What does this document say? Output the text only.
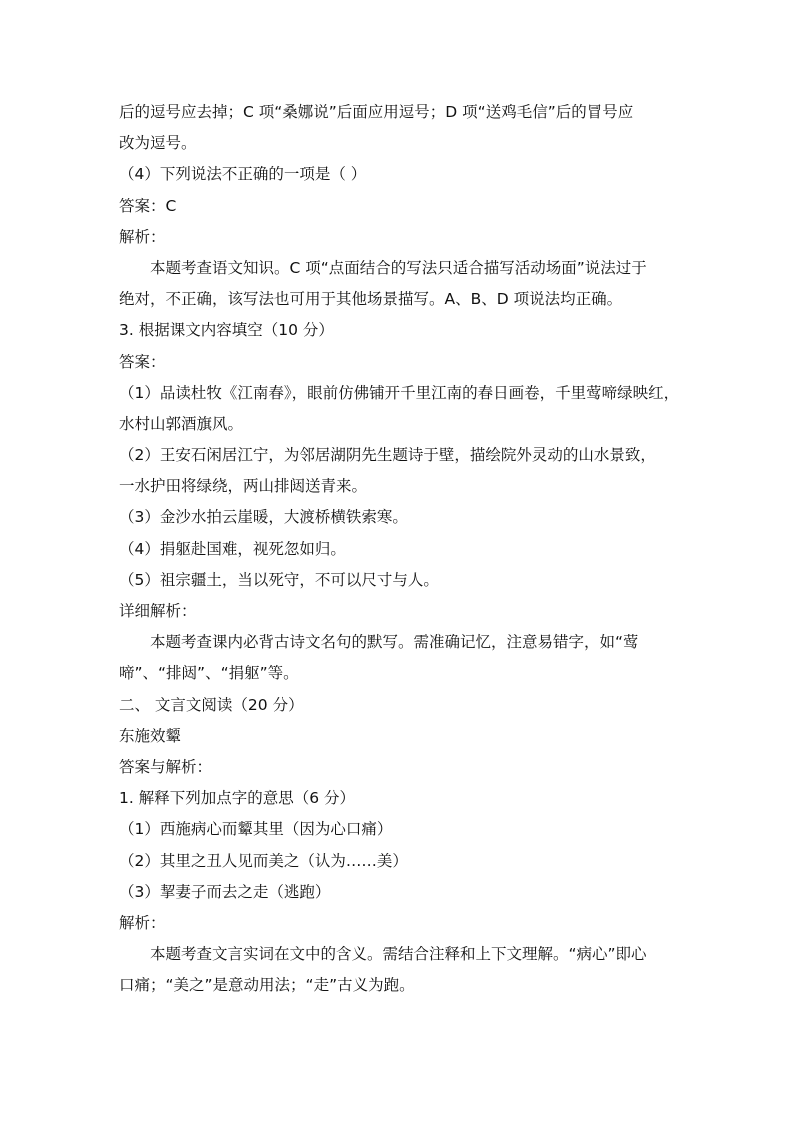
后的逗号应去掉；C 项“桑娜说”后面应用逗号；D 项“送鸡毛信”后的冒号应

改为逗号。

（4）下列说法不正确的一项是（ ）

答案：C

解析：

本题考查语文知识。C 项“点面结合的写法只适合描写活动场面”说法过于

绝对，不正确，该写法也可用于其他场景描写。A、B、D 项说法均正确。

3. 根据课文内容填空（10 分）

答案：

（1）品读杜牧《江南春》，眼前仿佛铺开千里江南的春日画卷，千里莺啼绿映红，

水村山郭酒旗风。

（2）王安石闲居江宁，为邻居湖阴先生题诗于壁，描绘院外灵动的山水景致，

一水护田将绿绕，两山排闼送青来。

（3）金沙水拍云崖暖，大渡桥横铁索寒。

（4）捐躯赴国难，视死忽如归。

（5）祖宗疆土，当以死守，不可以尺寸与人。

详细解析：

本题考查课内必背古诗文名句的默写。需准确记忆，注意易错字，如“莺

啼”、“排闼”、“捐躯”等。

二、 文言文阅读（20 分）

东施效颦

答案与解析：

1. 解释下列加点字的意思（6 分）

（1）西施病心而颦其里（因为心口痛）

（2）其里之丑人见而美之（认为……美）

（3）挈妻子而去之走（逃跑）

解析：

本题考查文言实词在文中的含义。需结合注释和上下文理解。“病心”即心

口痛；“美之”是意动用法；“走”古义为跑。
